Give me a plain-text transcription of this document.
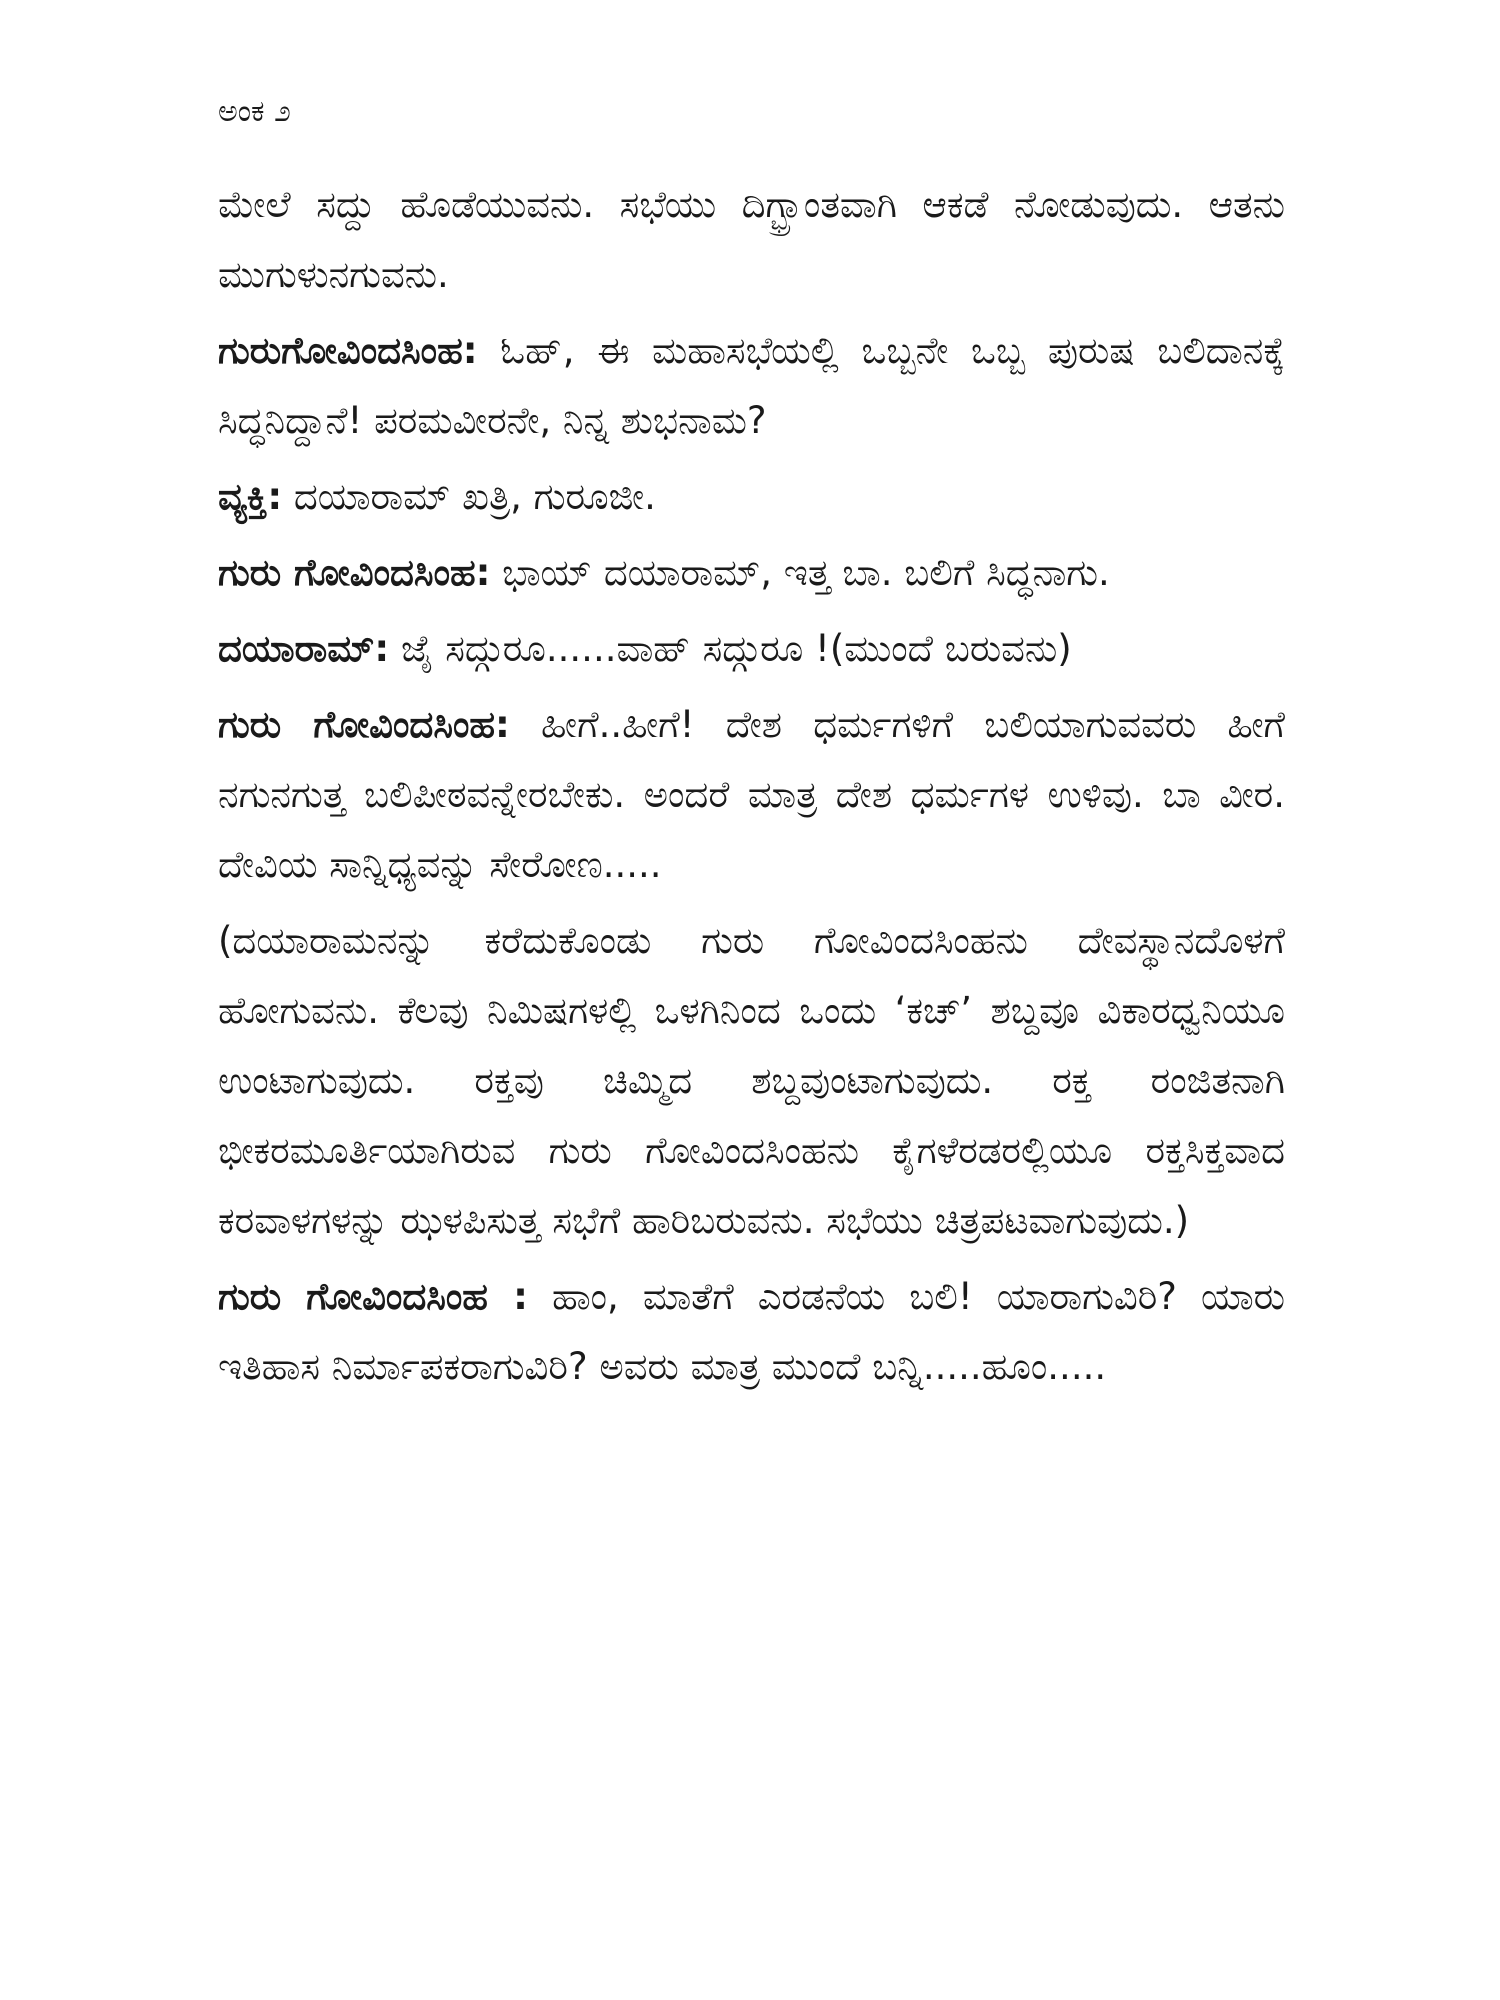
ಅಂಕ ೨

ಮೇಲೆ ಸದ್ದು ಹೊಡೆಯುವನು. ಸಭೆಯು ದಿಗ್ಭ್ರಾಂತವಾಗಿ ಆಕಡೆ ನೋಡುವುದು. ಆತನು ಮುಗುಳುನಗುವನು.

ಗುರುಗೋವಿಂದಸಿಂಹ: ಓಹ್, ಈ ಮಹಾಸಭೆಯಲ್ಲಿ ಒಬ್ಬನೇ ಒಬ್ಬ ಪುರುಷ ಬಲಿದಾನಕ್ಕೆ ಸಿದ್ಧನಿದ್ದಾನೆ! ಪರಮವೀರನೇ, ನಿನ್ನ ಶುಭನಾಮ?

ವ್ಯಕ್ತಿ: ದಯಾರಾಮ್ ಖತ್ರಿ, ಗುರೂಜೀ.

ಗುರು ಗೋವಿಂದಸಿಂಹ: ಭಾಯ್ ದಯಾರಾಮ್, ಇತ್ತ ಬಾ. ಬಲಿಗೆ ಸಿದ್ಧನಾಗು.

ದಯಾರಾಮ್: ಜೈ ಸದ್ಗುರೂ......ವಾಹ್ ಸದ್ಗುರೂ !(ಮುಂದೆ ಬರುವನು)

ಗುರು ಗೋವಿಂದಸಿಂಹ: ಹೀಗೆ..ಹೀಗೆ! ದೇಶ ಧರ್ಮಗಳಿಗೆ ಬಲಿಯಾಗುವವರು ಹೀಗೆ ನಗುನಗುತ್ತ ಬಲಿಪೀಠವನ್ನೇರಬೇಕು. ಅಂದರೆ ಮಾತ್ರ ದೇಶ ಧರ್ಮಗಳ ಉಳಿವು. ಬಾ ವೀರ. ದೇವಿಯ ಸಾನ್ನಿಧ್ಯವನ್ನು ಸೇರೋಣ.....

(ದಯಾರಾಮನನ್ನು ಕರೆದುಕೊಂಡು ಗುರು ಗೋವಿಂದಸಿಂಹನು ದೇವಸ್ಥಾನದೊಳಗೆ ಹೋಗುವನು. ಕೆಲವು ನಿಮಿಷಗಳಲ್ಲಿ ಒಳಗಿನಿಂದ ಒಂದು ‘ಕಚ್’ ಶಬ್ದವೂ ವಿಕಾರಧ್ವನಿಯೂ ಉಂಟಾಗುವುದು. ರಕ್ತವು ಚಿಮ್ಮಿದ ಶಬ್ದವುಂಟಾಗುವುದು. ರಕ್ತ ರಂಜಿತನಾಗಿ ಭೀಕರಮೂರ್ತಿಯಾಗಿರುವ ಗುರು ಗೋವಿಂದಸಿಂಹನು ಕೈಗಳೆರಡರಲ್ಲಿಯೂ ರಕ್ತಸಿಕ್ತವಾದ ಕರವಾಳಗಳನ್ನು ಝಳಪಿಸುತ್ತ ಸಭೆಗೆ ಹಾರಿಬರುವನು. ಸಭೆಯು ಚಿತ್ರಪಟವಾಗುವುದು.)

ಗುರು ಗೋವಿಂದಸಿಂಹ : ಹಾಂ, ಮಾತೆಗೆ ಎರಡನೆಯ ಬಲಿ! ಯಾರಾಗುವಿರಿ? ಯಾರು ಇತಿಹಾಸ ನಿರ್ಮಾಪಕರಾಗುವಿರಿ? ಅವರು ಮಾತ್ರ ಮುಂದೆ ಬನ್ನಿ.....ಹೂಂ.....
